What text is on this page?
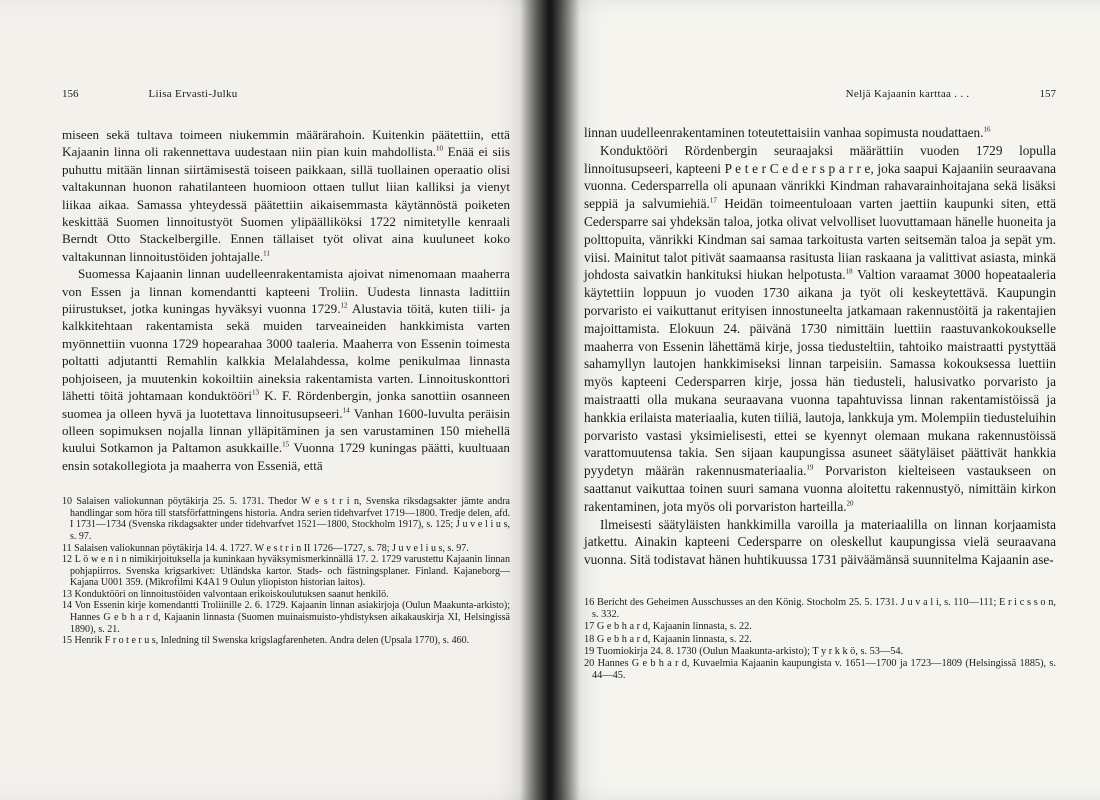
156	Liisa Ervasti-Julku

miseen sekä tultava toimeen niukemmin määrärahoin. Kuitenkin päätettiin, että Kajaanin linna oli rakennettava uudestaan niin pian kuin mahdollista.$^{10}$ Enää ei siis puhuttu mitään linnan siirtämisestä toiseen paikkaan, sillä tuollainen operaatio olisi valtakunnan huonon rahatilanteen huomioon ottaen tullut liian kalliksi ja vienyt liikaa aikaa. Samassa yhteydessä päätettiin aikaisemmasta käytännöstä poiketen keskittää Suomen linnoitustyöt Suomen ylipäälliköksi 1722 nimitetylle kenraali Berndt Otto Stackelbergille. Ennen tällaiset työt olivat aina kuuluneet koko valtakunnan linnoitustöiden johtajalle.$^{11}$

Suomessa Kajaanin linnan uudelleenrakentamista ajoivat nimenomaan maaherra von Essen ja linnan komendantti kapteeni Troliin. Uudesta linnasta ladittiin piirustukset, jotka kuningas hyväksyi vuonna 1729.12 Alustavia töitä, kuten tiili- ja kalkkitehtaan rakentamista sekä muiden tarveaineiden hankkimista varten myönnettiin vuonna 1729 hopearahaa 3000 taaleria. Maaherra von Essenin toimesta poltatti adjutantti Remahlin kalkkia Melalahdessa, kolme penikulmaa linnasta pohjoiseen, ja muutenkin kokoiltiin aineksia rakentamista varten. Linnoituskonttori lähetti töitä johtamaan konduktööri$^{13}$ K. F. Rördenbergin, jonka sanottiin osanneen suomea ja olleen hyvä ja luotettava linnoitusupseeri.$^{14}$ Vanhan 1600-luvulta peräisin olleen sopimuksen nojalla linnan ylläpitäminen ja sen varustaminen 150 miehellä kuului Sotkamon ja Paltamon asukkaille.$^{15}$ Vuonna 1729 kuningas päätti, kuultuaan ensin sotakollegiota ja maaherra von Esseniä, että

10 Salaisen valiokunnan pöytäkirja 25. 5. 1731. Thedor W e s t r i n, Svenska riksdagsakter jämte andra handlingar som höra till statsförfattningens historia. Andra serien tidehvarfvet 1719—1800. Tredje delen, afd. I 1731—1734 (Svenska rikdagsakter under tidehvarfvet 1521—1800, Stockholm 1917), s. 125; J u v e l i u s, s. 97.

11 Salaisen valiokunnan pöytäkirja 14. 4. 1727. W e s t r i n II 1726—1727, s. 78; J u v e l i u s, s. 97.

12 L ö w e n i n nimikirjoituksella ja kuninkaan hyväksymismerkinnällä 17. 2. 1729 varustettu Kajaanin linnan pohjapiirros. Svenska krigsarkivet: Utländska kartor. Stads- och fästningsplaner. Finland. Kajaneborg—Kajana U001 359. (Mikrofilmi K4A1 9 Oulun yliopiston historian laitos).

13 Konduktööri on linnoitustöiden valvontaan erikoiskoulutuksen saanut henkilö.

14 Von Essenin kirje komendantti Troliinille 2. 6. 1729. Kajaanin linnan asiakirjoja (Oulun Maakunta-arkisto); Hannes G e b h a r d, Kajaanin linnasta (Suomen muinaismuisto-yhdistyksen aikakauskirja XI, Helsingissä 1890), s. 21.

15 Henrik F r o t e r u s, Inledning til Swenska krigslagfarenheten. Andra delen (Upsala 1770), s. 460.

Neljä Kajaanin karttaa . . .	157

linnan uudelleenrakentaminen toteutettaisiin vanhaa sopimusta noudattaen.$^{16}$

Konduktööri Rördenbergin seuraajaksi määrättiin vuoden 1729 lopulla linnoitusupseeri, kapteeni P e t e r C e d e r s p a r r e, joka saapui Kajaaniin seuraavana vuonna. Cedersparrella oli apunaan vänrikki Kindman rahavarainhoitajana sekä lisäksi seppiä ja salvumiehiä.$^{17}$ Heidän toimeentuloaan varten jaettiin kaupunki siten, että Cedersparre sai yhdeksän taloa, jotka olivat velvolliset luovuttamaan hänelle huoneita ja polttopuita, vänrikki Kindman sai samaa tarkoitusta varten seitsemän taloa ja sepät ym. viisi. Mainitut talot pitivät saamaansa rasitusta liian raskaana ja valittivat asiasta, minkä johdosta saivatkin hankituksi hiukan helpotusta.$^{18}$ Valtion varaamat 3000 hopeataaleria käytettiin loppuun jo vuoden 1730 aikana ja työt oli keskeytettävä. Kaupungin porvaristo ei vaikuttanut erityisen innostuneelta jatkamaan rakennustöitä ja rakentajien majoittamista. Elokuun 24. päivänä 1730 nimittäin luettiin raastuvankokoukselle maaherra von Essenin lähettämä kirje, jossa tiedusteltiin, tahtoiko maistraatti pystyttää sahamyllyn lautojen hankkimiseksi linnan tarpeisiin. Samassa kokouksessa luettiin myös kapteeni Cedersparren kirje, jossa hän tiedusteli, halusivatko porvaristo ja maistraatti olla mukana seuraavana vuonna tapahtuvissa linnan rakentamistöissä ja hankkia erilaista materiaalia, kuten tiiliä, lautoja, lankkuja ym. Molempiin tiedusteluihin porvaristo vastasi yksimielisesti, ettei se kyennyt olemaan mukana rakennustöissä varattomuutensa takia. Sen sijaan kaupungissa asuneet säätyläiset päättivät hankkia pyydetyn määrän rakennusmateriaalia.$^{19}$ Porvariston kielteiseen vastaukseen on saattanut vaikuttaa toinen suuri samana vuonna aloitettu rakennustyö, nimittäin kirkon rakentaminen, jota myös oli porvariston harteilla.$^{20}$

Ilmeisesti säätyläisten hankkimilla varoilla ja materiaalilla on linnan korjaamista jatkettu. Ainakin kapteeni Cedersparre on oleskellut kaupungissa vielä seuraavana vuonna. Sitä todistavat hänen huhtikuussa 1731 päiväämänsä suunnitelma Kajaanin ase-

16 Bericht des Geheimen Ausschusses an den König. Stocholm 25. 5. 1731. J u v a l i, s. 110—111; E r i c s s o n, s. 332.

17 G e b h a r d, Kajaanin linnasta, s. 22.

18 G e b h a r d, Kajaanin linnasta, s. 22.

19 Tuomiokirja 24. 8. 1730 (Oulun Maakunta-arkisto); T y r k k ö, s. 53—54.

20 Hannes G e b h a r d, Kuvaelmia Kajaanin kaupungista v. 1651—1700 ja 1723—1809 (Helsingissä 1885), s. 44—45.
